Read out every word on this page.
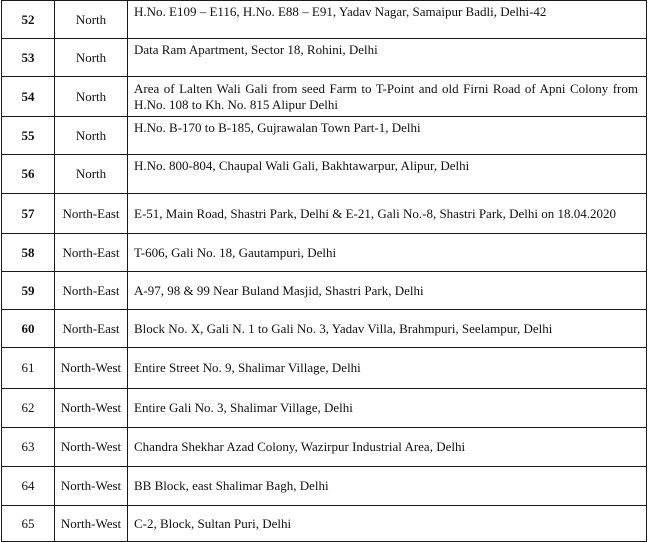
52	North	H.No. E109 – E116, H.No. E88 – E91, Yadav Nagar, Samaipur Badli, Delhi-42
53	North	Data Ram Apartment, Sector 18, Rohini, Delhi
54	North	Area of Lalten Wali Gali from seed Farm to T-Point and old Firni Road of Apni Colony from H.No. 108 to Kh. No. 815 Alipur Delhi
55	North	H.No. B-170 to B-185, Gujrawalan Town Part-1, Delhi
56	North	H.No. 800-804, Chaupal Wali Gali, Bakhtawarpur, Alipur, Delhi
57	North-East	E-51, Main Road, Shastri Park, Delhi & E-21, Gali No.-8, Shastri Park, Delhi on 18.04.2020
58	North-East	T-606, Gali No. 18, Gautampuri, Delhi
59	North-East	A-97, 98 & 99 Near Buland Masjid, Shastri Park, Delhi
60	North-East	Block No. X, Gali N. 1 to Gali No. 3, Yadav Villa, Brahmpuri, Seelampur, Delhi
61	North-West	Entire Street No. 9, Shalimar Village, Delhi
62	North-West	Entire Gali No. 3, Shalimar Village, Delhi
63	North-West	Chandra Shekhar Azad Colony, Wazirpur Industrial Area, Delhi
64	North-West	BB Block, east Shalimar Bagh, Delhi
65	North-West	C-2, Block, Sultan Puri, Delhi
